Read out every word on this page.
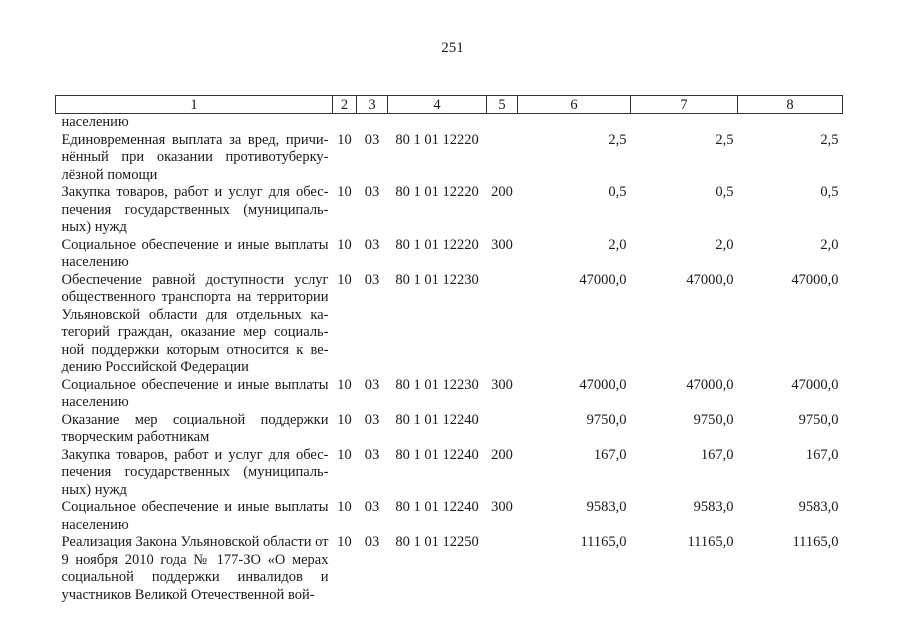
251
1	2	3	4	5	6	7	8
населению							
Единовременная выплата за вред, причи-нённый при оказании противотуберку-лёзной помощи	10	03	80 1 01 12220		2,5	2,5	2,5
Закупка товаров, работ и услуг для обес-печения государственных (муниципаль-ных) нужд	10	03	80 1 01 12220	200	0,5	0,5	0,5
Социальное обеспечение и иные выплаты населению	10	03	80 1 01 12220	300	2,0	2,0	2,0
Обеспечение равной доступности услуг общественного транспорта на территории Ульяновской области для отдельных ка-тегорий граждан, оказание мер социаль-ной поддержки которым относится к ве-дению Российской Федерации	10	03	80 1 01 12230		47000,0	47000,0	47000,0
Социальное обеспечение и иные выплаты населению	10	03	80 1 01 12230	300	47000,0	47000,0	47000,0
Оказание мер социальной поддержки творческим работникам	10	03	80 1 01 12240		9750,0	9750,0	9750,0
Закупка товаров, работ и услуг для обес-печения государственных (муниципаль-ных) нужд	10	03	80 1 01 12240	200	167,0	167,0	167,0
Социальное обеспечение и иные выплаты населению	10	03	80 1 01 12240	300	9583,0	9583,0	9583,0
Реализация Закона Ульяновской области от 9 ноября 2010 года № 177-ЗО «О мерах социальной поддержки инвалидов и участников Великой Отечественной вой-	10	03	80 1 01 12250		11165,0	11165,0	11165,0
